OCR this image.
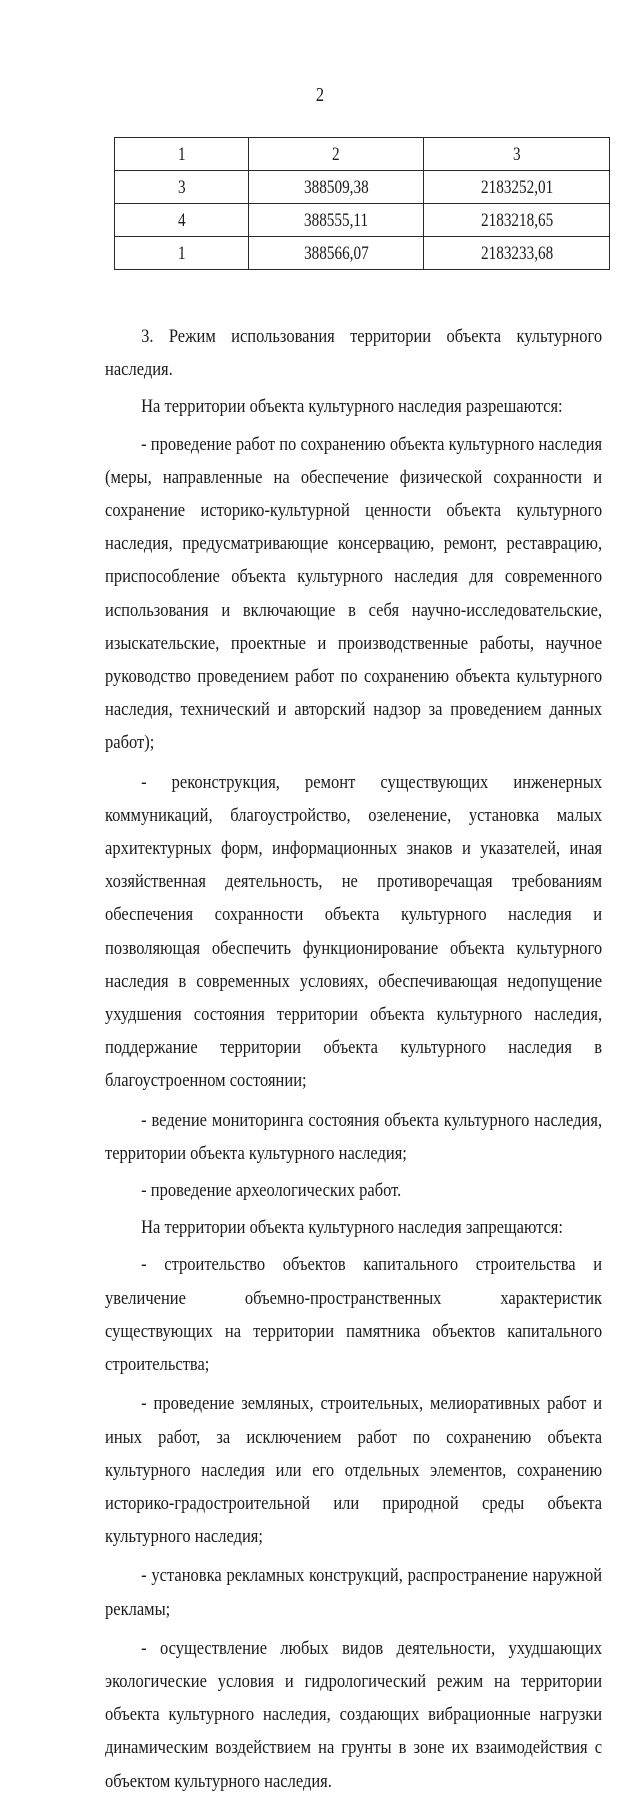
2
1	2	3
3	388509,38	2183252,01
4	388555,11	2183218,65
1	388566,07	2183233,68

3. Режим использования территории объекта культурного наследия.

На территории объекта культурного наследия разрешаются:

- проведение работ по сохранению объекта культурного наследия (меры, направленные на обеспечение физической сохранности и сохранение историко-культурной ценности объекта культурного наследия, предусматривающие консервацию, ремонт, реставрацию, приспособление объекта культурного наследия для современного использования и включающие в себя научно-исследовательские, изыскательские, проектные и производственные работы, научное руководство проведением работ по сохранению объекта культурного наследия, технический и авторский надзор за проведением данных работ);

- реконструкция, ремонт существующих инженерных коммуникаций, благоустройство, озеленение, установка малых архитектурных форм, информационных знаков и указателей, иная хозяйственная деятельность, не противоречащая требованиям обеспечения сохранности объекта культурного наследия и позволяющая обеспечить функционирование объекта культурного наследия в современных условиях, обеспечивающая недопущение ухудшения состояния территории объекта культурного наследия, поддержание территории объекта культурного наследия в благоустроенном состоянии;

- ведение мониторинга состояния объекта культурного наследия, территории объекта культурного наследия;

- проведение археологических работ.

На территории объекта культурного наследия запрещаются:

- строительство объектов капитального строительства и увеличение объемно-пространственных характеристик существующих на территории памятника объектов капитального строительства;

- проведение земляных, строительных, мелиоративных работ и иных работ, за исключением работ по сохранению объекта культурного наследия или его отдельных элементов, сохранению историко-градостроительной или природной среды объекта культурного наследия;

- установка рекламных конструкций, распространение наружной рекламы;

- осуществление любых видов деятельности, ухудшающих экологические условия и гидрологический режим на территории объекта культурного наследия, создающих вибрационные нагрузки динамическим воздействием на грунты в зоне их взаимодействия с объектом культурного наследия.
